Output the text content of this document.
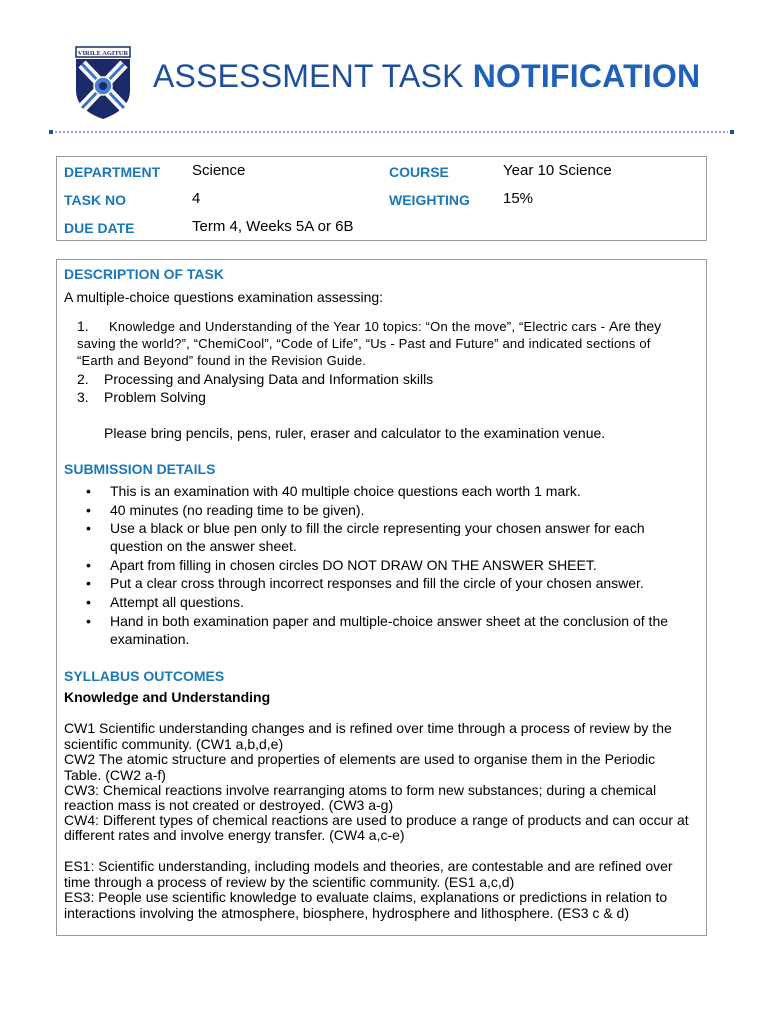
VIRILE AGITUR
ASSESSMENT TASK NOTIFICATION
DEPARTMENT Science	COURSE	Year 10 Science
TASK NO	4	WEIGHTING 15%
DUE DATE	Term 4, Weeks 5A or 6B
DESCRIPTION OF TASK
A multiple-choice questions examination assessing:
1. Knowledge and Understanding of the Year 10 topics: “On the move”, “Electric cars - Are they
saving the world?”, “ChemiCool”, “Code of Life”, “Us - Past and Future” and indicated sections of
“Earth and Beyond” found in the Revision Guide.
2. Processing and Analysing Data and Information skills
3. Problem Solving
Please bring pencils, pens, ruler, eraser and calculator to the examination venue.
SUBMISSION DETAILS
• This is an examination with 40 multiple choice questions each worth 1 mark.
• 40 minutes (no reading time to be given).
• Use a black or blue pen only to fill the circle representing your chosen answer for each
question on the answer sheet.
• Apart from filling in chosen circles DO NOT DRAW ON THE ANSWER SHEET.
• Put a clear cross through incorrect responses and fill the circle of your chosen answer.
• Attempt all questions.
• Hand in both examination paper and multiple-choice answer sheet at the conclusion of the
examination.
SYLLABUS OUTCOMES
Knowledge and Understanding
CW1 Scientific understanding changes and is refined over time through a process of review by the
scientific community. (CW1 a,b,d,e)
CW2 The atomic structure and properties of elements are used to organise them in the Periodic
Table. (CW2 a-f)
CW3: Chemical reactions involve rearranging atoms to form new substances; during a chemical
reaction mass is not created or destroyed. (CW3 a-g)
CW4: Different types of chemical reactions are used to produce a range of products and can occur at
different rates and involve energy transfer. (CW4 a,c-e)
ES1: Scientific understanding, including models and theories, are contestable and are refined over
time through a process of review by the scientific community. (ES1 a,c,d)
ES3: People use scientific knowledge to evaluate claims, explanations or predictions in relation to
interactions involving the atmosphere, biosphere, hydrosphere and lithosphere. (ES3 c & d)
